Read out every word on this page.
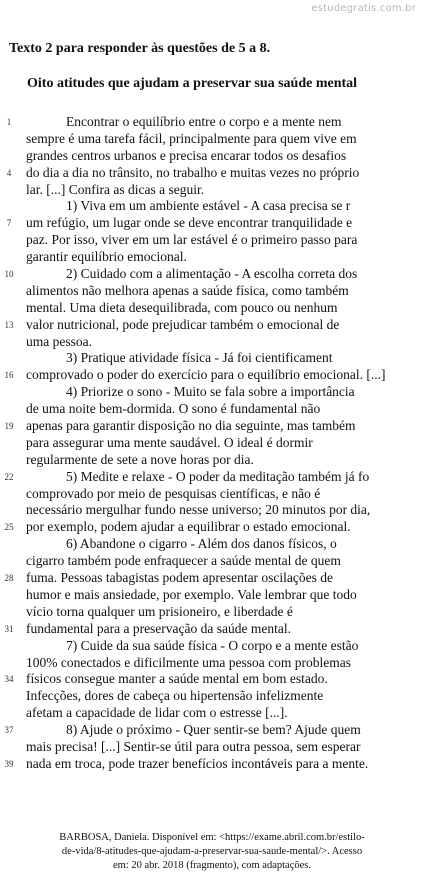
estudegratis.com.br
Texto 2 para responder às questões de 5 a 8.
Oito atitudes que ajudam a preservar sua saúde mental
1	Encontrar o equilíbrio entre o corpo e a mente nem
sempre é uma tarefa fácil, principalmente para quem vive em
grandes centros urbanos e precisa encarar todos os desafios
4	do dia a dia no trânsito, no trabalho e muitas vezes no próprio
lar. [...] Confira as dicas a seguir.
1) Viva em um ambiente estável - A casa precisa se r
7	um refúgio, um lugar onde se deve encontrar tranquilidade e
paz. Por isso, viver em um lar estável é o primeiro passo para
garantir equilíbrio emocional.
10	2) Cuidado com a alimentação - A escolha correta dos
alimentos não melhora apenas a saúde física, como também
mental. Uma dieta desequilibrada, com pouco ou nenhum
13 valor nutricional, pode prejudicar também o emocional de
uma pessoa.
3) Pratique atividade física - Já foi cientificament
16 comprovado o poder do exercício para o equilíbrio emocional. [...]
4) Priorize o sono - Muito se fala sobre a importância
de uma noite bem-dormida. O sono é fundamental não
19 apenas para garantir disposição no dia seguinte, mas também
para assegurar uma mente saudável. O ideal é dormir
regularmente de sete a nove horas por dia.
22	5) Medite e relaxe - O poder da meditação também já fo
comprovado por meio de pesquisas científicas, e não é
necessário mergulhar fundo nesse universo; 20 minutos por dia,
25 por exemplo, podem ajudar a equilibrar o estado emocional.
6) Abandone o cigarro - Além dos danos físicos, o
cigarro também pode enfraquecer a saúde mental de quem
28 fuma. Pessoas tabagistas podem apresentar oscilações de
humor e mais ansiedade, por exemplo. Vale lembrar que todo
vício torna qualquer um prisioneiro, e liberdade é
31 fundamental para a preservação da saúde mental.
7) Cuide da sua saúde física - O corpo e a mente estão
100% conectados e dificilmente uma pessoa com problemas
34 físicos consegue manter a saúde mental em bom estado.
Infecções, dores de cabeça ou hipertensão infelizmente
afetam a capacidade de lidar com o estresse [...].
37	8) Ajude o próximo - Quer sentir-se bem? Ajude quem
mais precisa! [...] Sentir-se útil para outra pessoa, sem esperar
39 nada em troca, pode trazer benefícios incontáveis para a mente.
BARBOSA, Daniela. Disponível em: <https://exame.abril.com.br/estilo-
de-vida/8-atitudes-que-ajudam-a-preservar-sua-saude-mental/>. Acesso
em: 20 abr. 2018 (fragmento), com adaptações.
